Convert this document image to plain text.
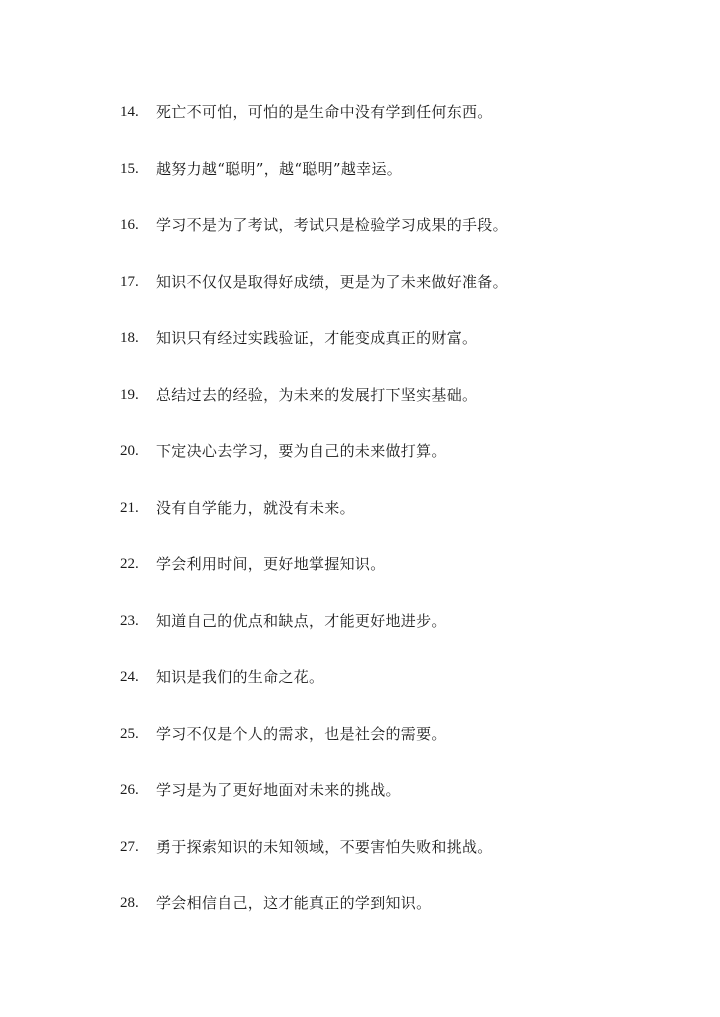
14.	死亡不可怕，可怕的是生命中没有学到任何东西。
15.	越努力越“聪明”，越“聪明”越幸运。
16.	学习不是为了考试，考试只是检验学习成果的手段。
17.	知识不仅仅是取得好成绩，更是为了未来做好准备。
18.	知识只有经过实践验证，才能变成真正的财富。
19.	总结过去的经验，为未来的发展打下坚实基础。
20.	下定决心去学习，要为自己的未来做打算。
21.	没有自学能力，就没有未来。
22.	学会利用时间，更好地掌握知识。
23.	知道自己的优点和缺点，才能更好地进步。
24.	知识是我们的生命之花。
25.	学习不仅是个人的需求，也是社会的需要。
26.	学习是为了更好地面对未来的挑战。
27.	勇于探索知识的未知领域，不要害怕失败和挑战。
28.	学会相信自己，这才能真正的学到知识。
